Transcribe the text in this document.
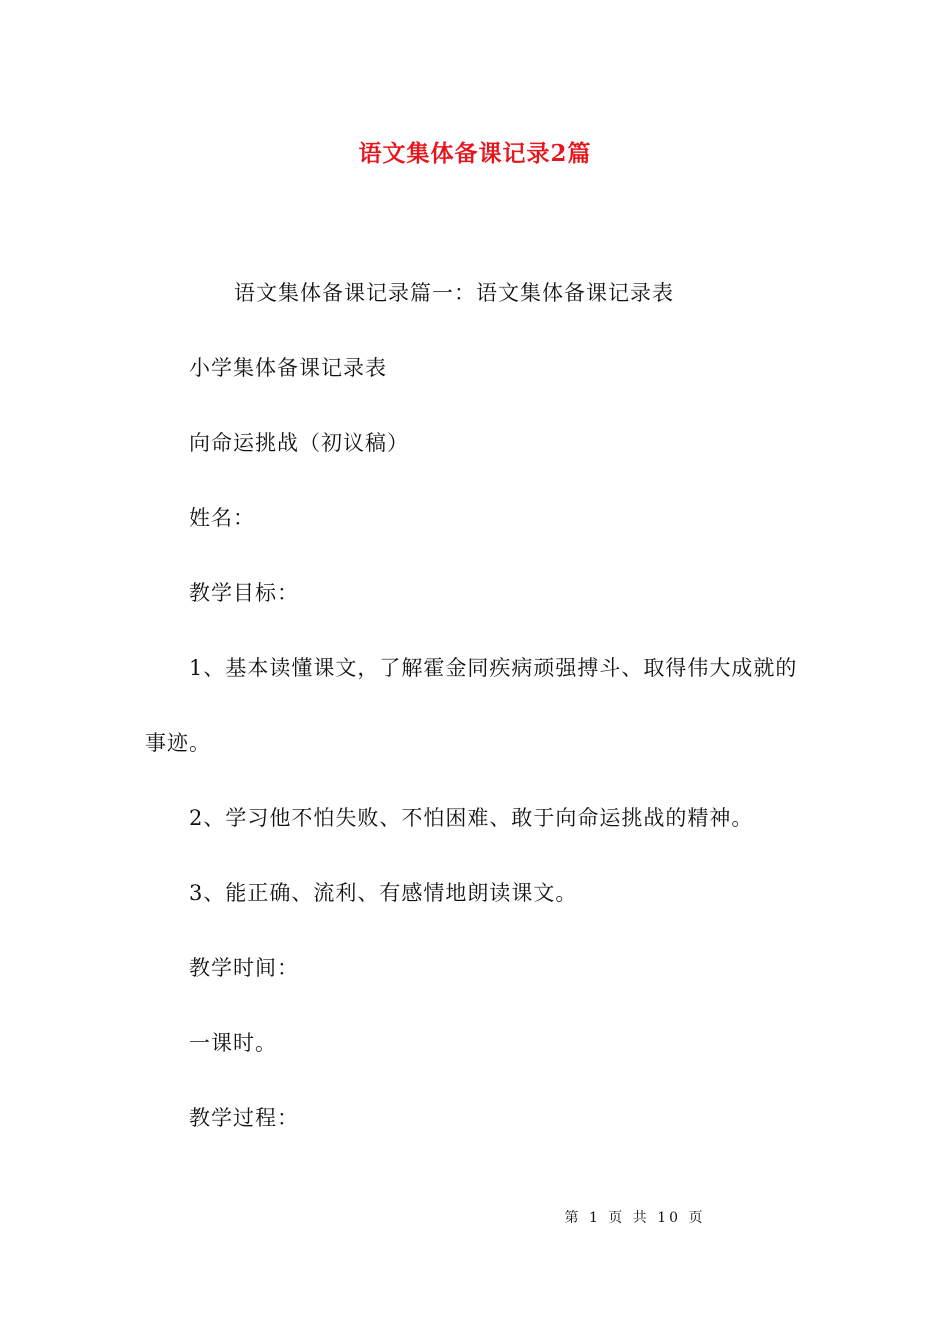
语文集体备课记录2篇
语文集体备课记录篇一：语文集体备课记录表
小学集体备课记录表
向命运挑战（初议稿）
姓名：
教学目标：
1、基本读懂课文，了解霍金同疾病顽强搏斗、取得伟大成就的
事迹。
2、学习他不怕失败、不怕困难、敢于向命运挑战的精神。
3、能正确、流利、有感情地朗读课文。
教学时间：
一课时。
教学过程：
第 1 页 共 10 页
